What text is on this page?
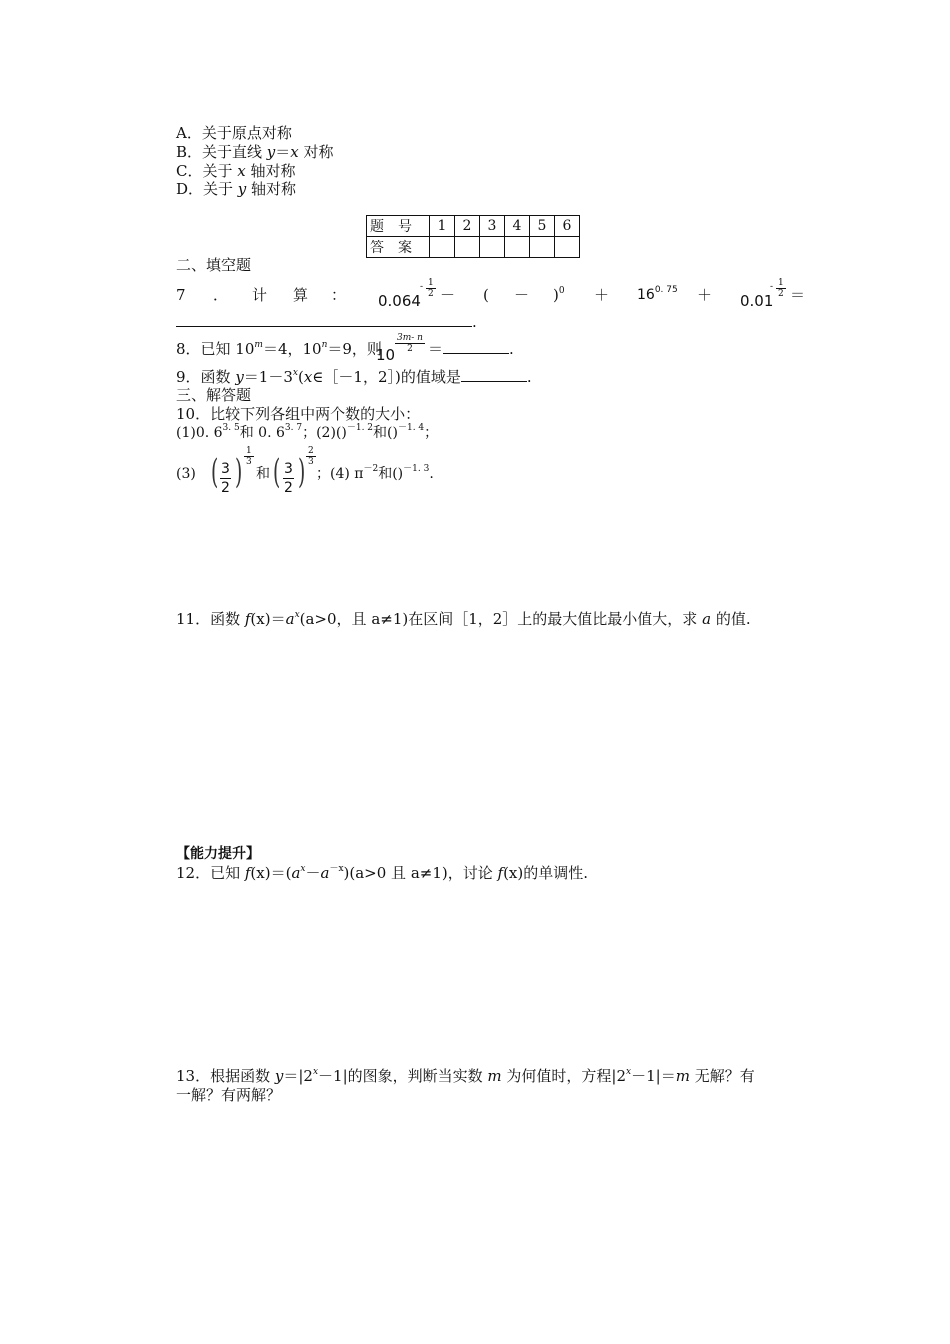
A．关于原点对称
B．关于直线 y＝x 对称
C．关于 x 轴对称
D．关于 y 轴对称
题号	1	2	3	4	5	6
答案						
二、填空题
7 ． 计 算 ： 0.064
- 1
2 － ( － )$^0 + 16^{0. 75} + 0.01$
- 1
2 ＝
.
8．已知 $10^m=4$，$10^n=9$，则
10
$\frac{3m- n}{2}$ ＝	.
9．函数 $y=1-3^x(x\in[-1$，2］)的值域是	.
三、解答题
10．比较下列各组中两个数的大小：
(1)0. $6^{3. 5}$和 0. $6^{3. 7}$；(2)()$^{-1. 2}$和()$^{-1. 4}$；
(3) ( 3
2 ) $\frac{1}{3}$
和 ( 3
2 ) $\frac{2}{3}$
；(4) $\pi^{-2}$和()$^{-1. 3}$.
11．函数 $f(x)=a^x(a>0$，且 a≠1)在区间［1，2］上的最大值比最小值大，求 a 的值.
【能力提升】
12．已知 $f(x)=(a^x-a^{-x})(a>0$ 且 a≠1)，讨论 f(x)的单调性.
13．根据函数 $y=|2^x-1|$的图象，判断当实数 m 为何值时，方程$|2^x-1|=m$ 无解？有
一解？有两解？
